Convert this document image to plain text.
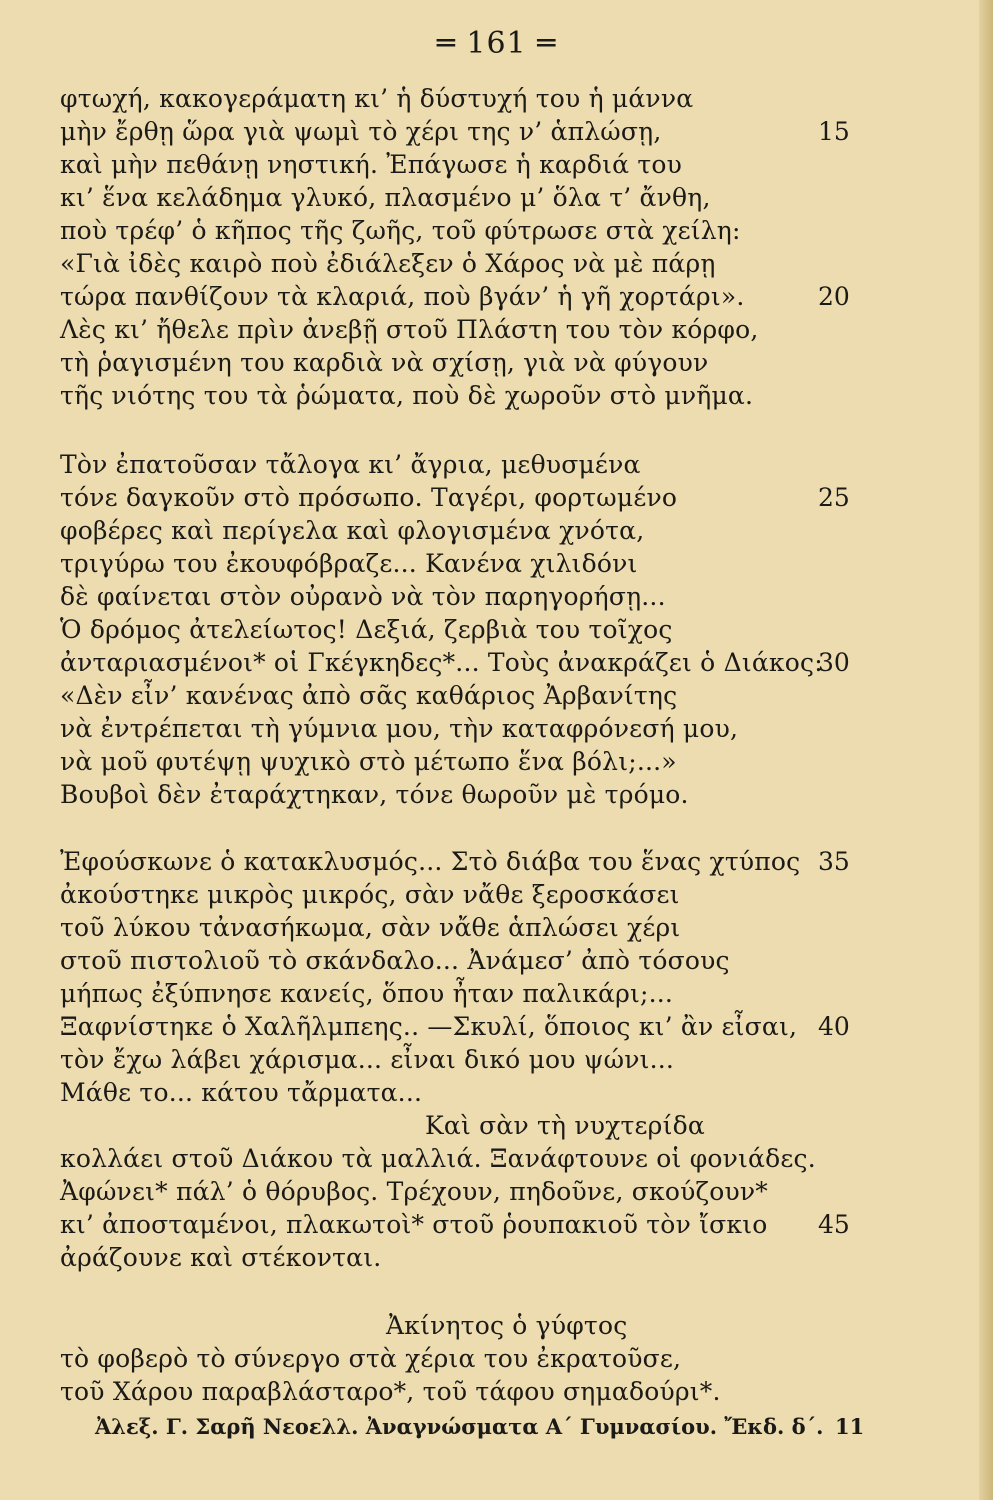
═ 161 ═
φτωχή, κακογεράματη κι’ ἡ δύστυχή του ἡ μάννα
μὴν ἔρθῃ ὥρα γιὰ ψωμὶ τὸ χέρι της ν’ ἁπλώσῃ,
καὶ μὴν πεθάνῃ νηστική. Ἐπάγωσε ἡ καρδιά του
κι’ ἕνα κελάδημα γλυκό, πλασμένο μ’ ὅλα τ’ ἄνθη,
ποὺ τρέφ’ ὁ κῆπος τῆς ζωῆς, τοῦ φύτρωσε στὰ χείλη:
«Γιὰ ἰδὲς καιρὸ ποὺ ἐδιάλεξεν ὁ Χάρος νὰ μὲ πάρῃ
τώρα πανθίζουν τὰ κλαριά, ποὺ βγάν’ ἡ γῆ χορτάρι».
Λὲς κι’ ἤθελε πρὶν ἀνεβῇ στοῦ Πλάστη του τὸν κόρφο,
τὴ ῥαγισμένη του καρδιὰ νὰ σχίσῃ, γιὰ νὰ φύγουν
τῆς νιότης του τὰ ῥώματα, ποὺ δὲ χωροῦν στὸ μνῆμα.
Τὸν ἐπατοῦσαν τἄλογα κι’ ἄγρια, μεθυσμένα
τόνε δαγκοῦν στὸ πρόσωπο. Ταγέρι, φορτωμένο
φοβέρες καὶ περίγελα καὶ φλογισμένα χνότα,
τριγύρω του ἐκουφόβραζε... Κανένα χιλιδόνι
δὲ φαίνεται στὸν οὐρανὸ νὰ τὸν παρηγορήσῃ...
Ὁ δρόμος ἀτελείωτος! Δεξιά, ζερβιὰ του τοῖχος
ἀνταριασμένοι* οἱ Γκέγκηδες*... Τοὺς ἀνακράζει ὁ Διάκος:
«Δὲν εἶν’ κανένας ἀπὸ σᾶς καθάριος Ἀρβανίτης
νὰ ἐντρέπεται τὴ γύμνια μου, τὴν καταφρόνεσή μου,
νὰ μοῦ φυτέψῃ ψυχικὸ στὸ μέτωπο ἕνα βόλι;...»
Βουβοὶ δὲν ἐταράχτηκαν, τόνε θωροῦν μὲ τρόμο.
Ἐφούσκωνε ὁ κατακλυσμός... Στὸ διάβα του ἕνας χτύπος
ἀκούστηκε μικρὸς μικρός, σὰν νἄθε ξεροσκάσει
τοῦ λύκου τἀνασήκωμα, σὰν νἄθε ἁπλώσει χέρι
στοῦ πιστολιοῦ τὸ σκάνδαλο... Ἀνάμεσ’ ἀπὸ τόσους
μήπως ἐξύπνησε κανείς, ὅπου ἦταν παλικάρι;...
Ξαφνίστηκε ὁ Χαλῆλμπεης.. —Σκυλί, ὅποιος κι’ ἂν εἶσαι,
τὸν ἔχω λάβει χάρισμα... εἶναι δικό μου ψώνι...
Μάθε το... κάτου τἄρματα...
Καὶ σὰν τὴ νυχτερίδα
κολλάει στοῦ Διάκου τὰ μαλλιά. Ξανάφτουνε οἱ φονιάδες.
Ἀφώνει* πάλ’ ὁ θόρυβος. Τρέχουν, πηδοῦνε, σκούζουν*
κι’ ἀποσταμένοι, πλακωτοὶ* στοῦ ῥουπακιοῦ τὸν ἴσκιο
ἀράζουνε καὶ στέκονται.
Ἀκίνητος ὁ γύφτος
τὸ φοβερὸ τὸ σύνεργο στὰ χέρια του ἐκρατοῦσε,
τοῦ Χάρου παραβλάσταρο*, τοῦ τάφου σημαδούρι*.
15
20
25
30
35
40
45
Ἀλεξ. Γ. Σαρῆ Νεοελλ. Ἀναγνώσματα Α΄ Γυμνασίου. Ἔκδ. δ΄. 11
